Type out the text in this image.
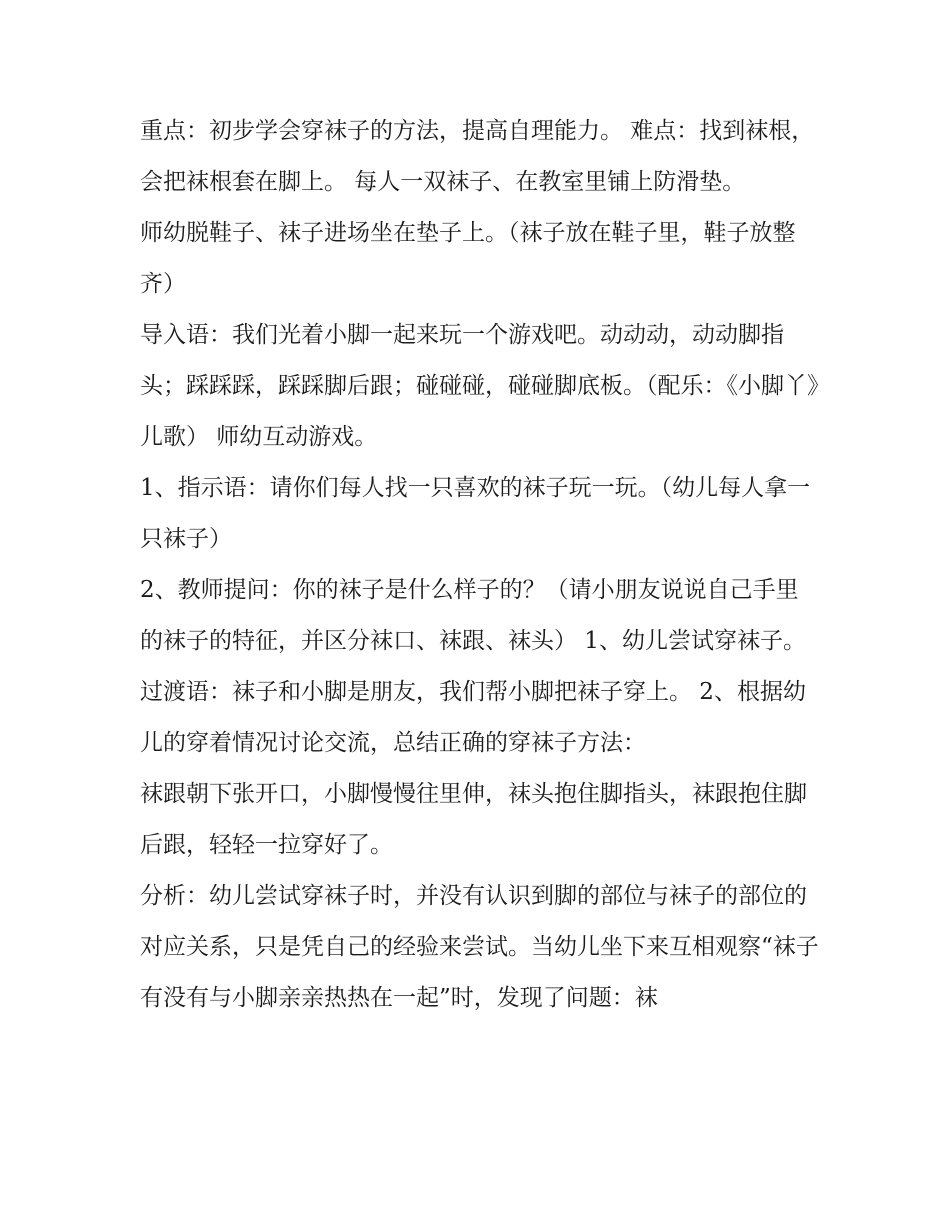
重点：初步学会穿袜子的方法，提高自理能力。 难点：找到袜根，会把袜根套在脚上。 每人一双袜子、在教室里铺上防滑垫。

师幼脱鞋子、袜子进场坐在垫子上。（袜子放在鞋子里，鞋子放整齐）

导入语：我们光着小脚一起来玩一个游戏吧。动动动，动动脚指头；踩踩踩，踩踩脚后跟；碰碰碰，碰碰脚底板。（配乐：《小脚丫》儿歌） 师幼互动游戏。

1、指示语：请你们每人找一只喜欢的袜子玩一玩。（幼儿每人拿一只袜子）

2、教师提问：你的袜子是什么样子的？（请小朋友说说自己手里的袜子的特征，并区分袜口、袜跟、袜头） 1、幼儿尝试穿袜子。

过渡语：袜子和小脚是朋友，我们帮小脚把袜子穿上。 2、根据幼儿的穿着情况讨论交流，总结正确的穿袜子方法：

袜跟朝下张开口，小脚慢慢往里伸，袜头抱住脚指头，袜跟抱住脚后跟，轻轻一拉穿好了。

分析：幼儿尝试穿袜子时，并没有认识到脚的部位与袜子的部位的对应关系，只是凭自己的经验来尝试。当幼儿坐下来互相观察“袜子有没有与小脚亲亲热热在一起”时，发现了问题：袜
